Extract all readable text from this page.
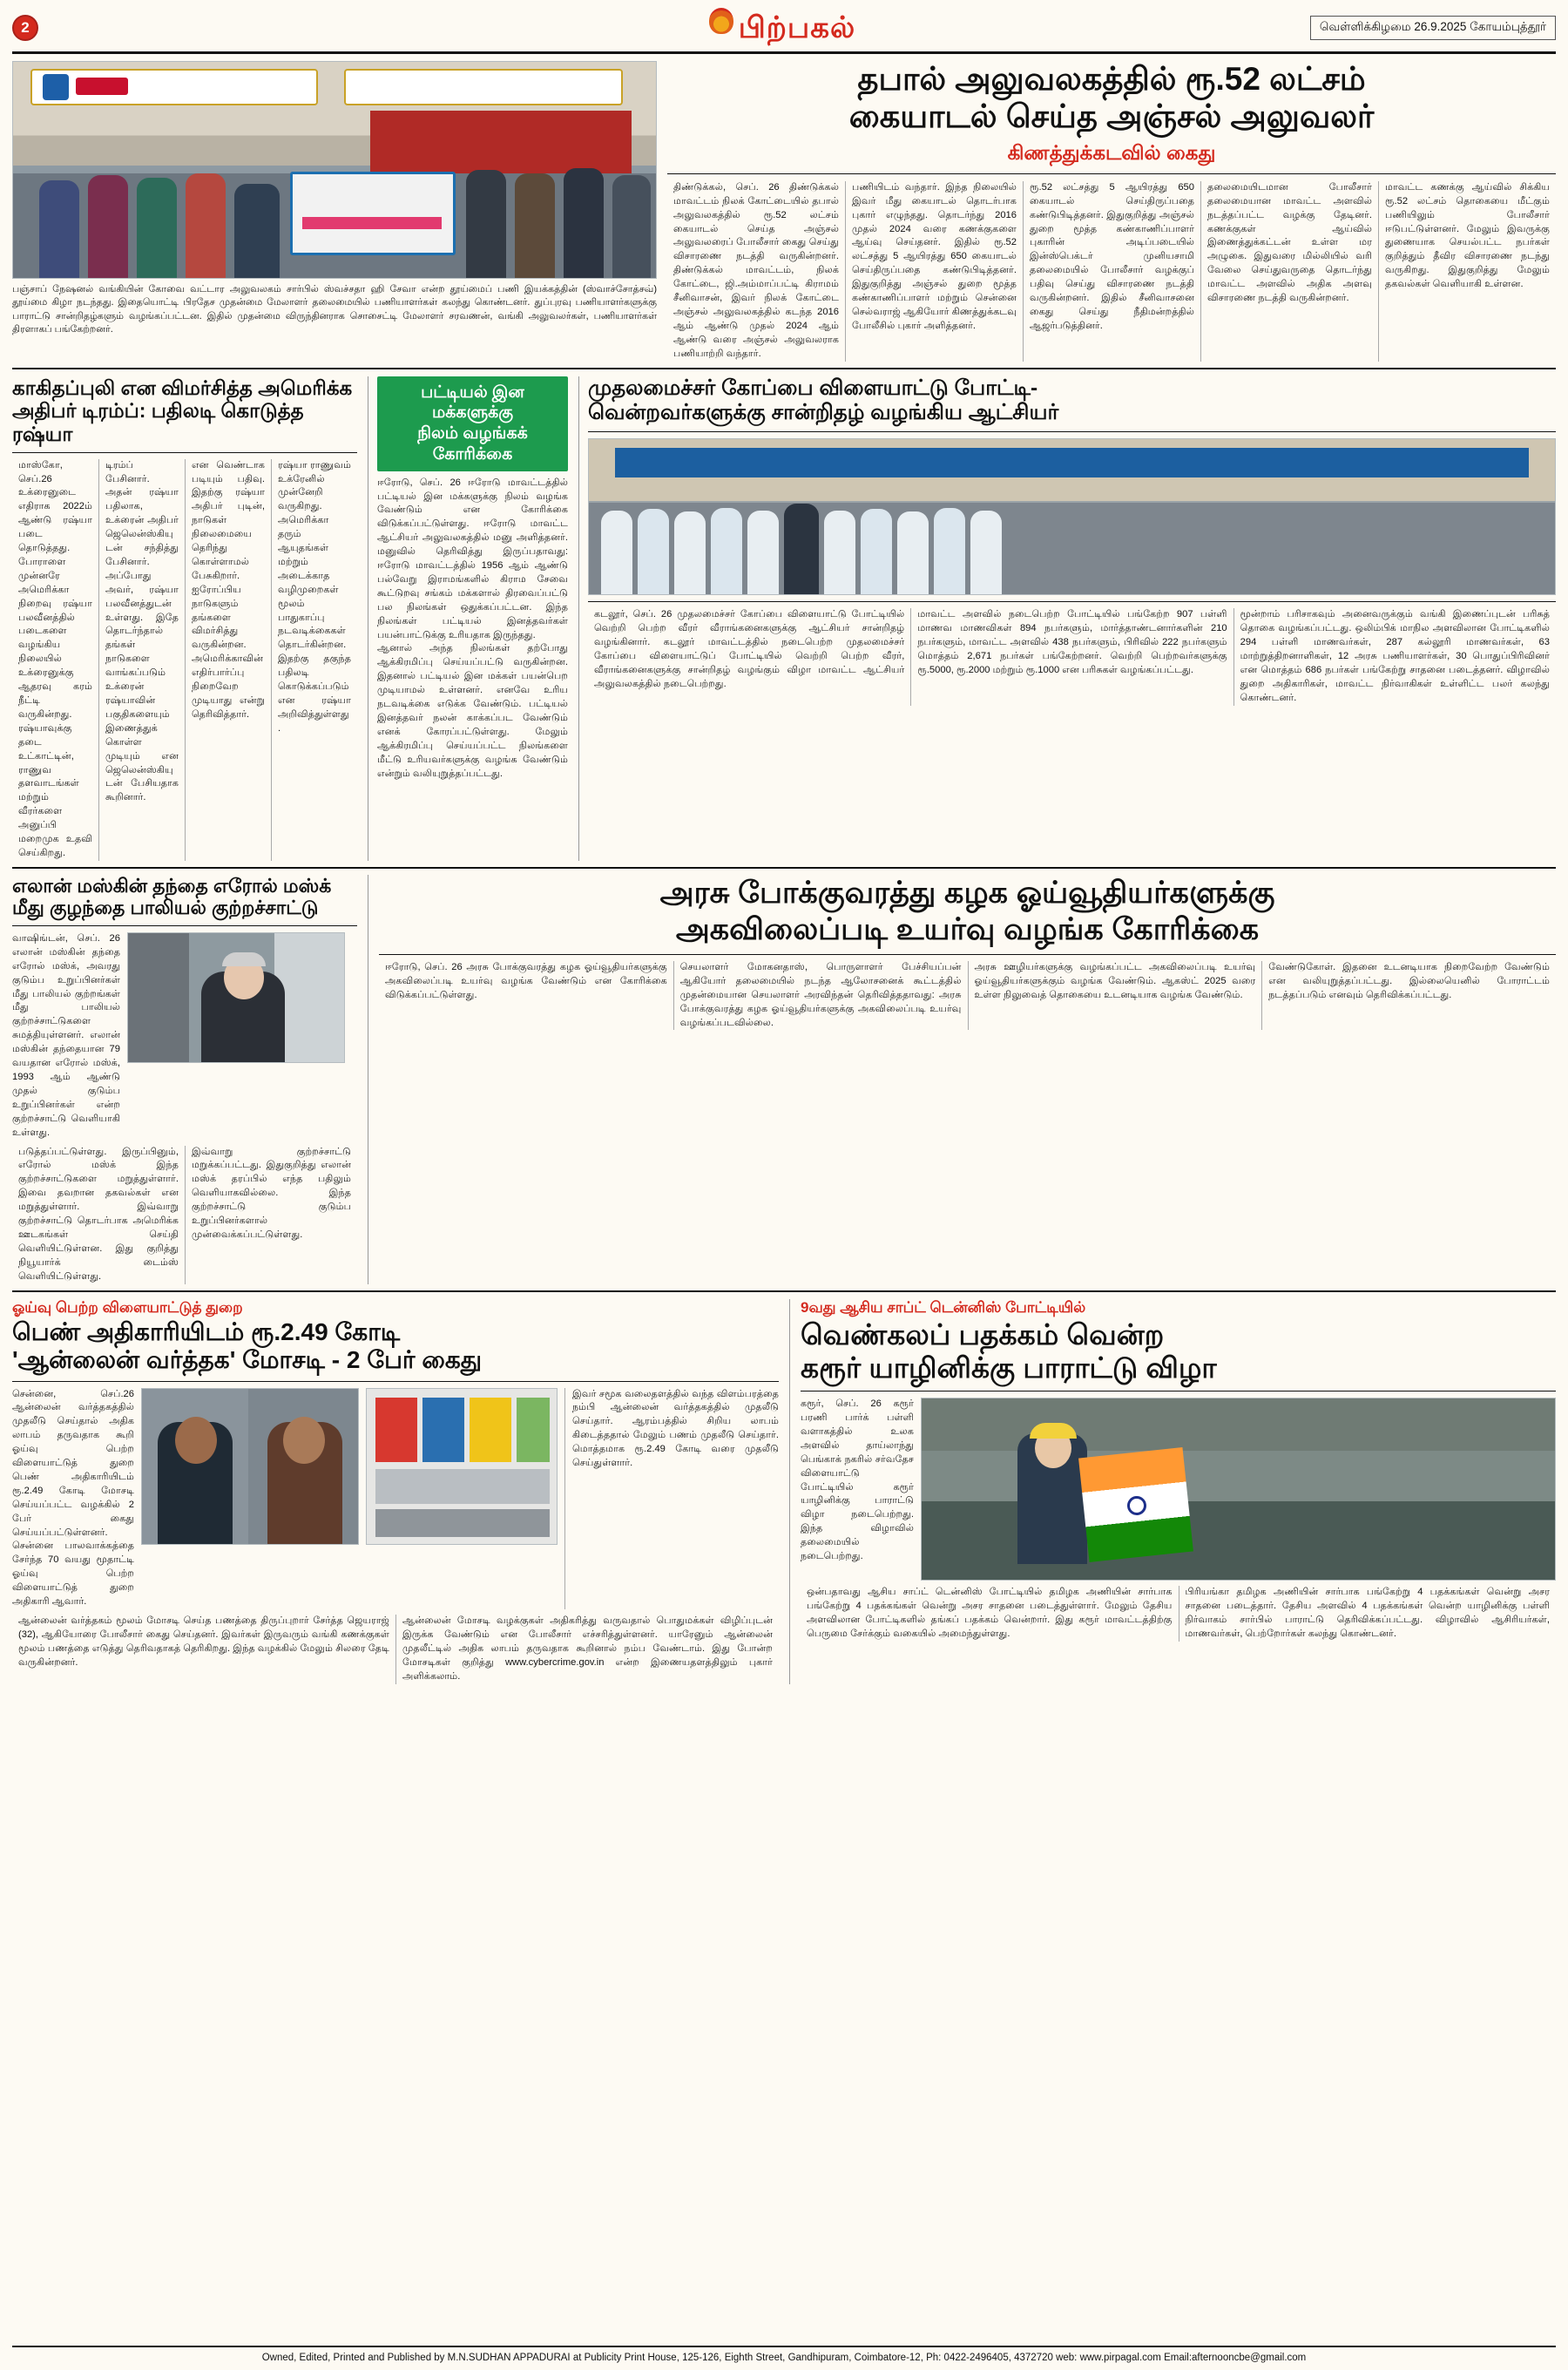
2	பிற்பகல்	வெள்ளிக்கிழமை 26.9.2025 கோயம்புத்தூர்
பஞ்சாப் நேஷனல் வங்கியின் கோவை வட்டார அலுவலகம் சார்பில் ஸ்வச்சதா ஹி சேவா என்ற தூய்மைப் பணி இயக்கத்தின் (ஸ்வாச்சோத்சவ்) தூய்மை கிழா நடந்தது. இதையொட்டி பிரதேச முதன்மை மேலாளர் தலைமையில் பணியாளர்கள் கலந்து கொண்டனர். துப்புரவு பணியாளர்களுக்கு பாராட்டு சான்றிதழ்களும் வழங்கப்பட்டன. இதில் முதன்மை விருந்தினராக சொசைட்டி மேலாளர் சரவணன், வங்கி அலுவலர்கள், பணியாளர்கள் திரளாகப் பங்கேற்றனர்.
தபால் அலுவலகத்தில் ரூ.52 லட்சம்
கையாடல் செய்த அஞ்சல் அலுவலர்
கிணத்துக்கடவில் கைது
திண்டுக்கல், செப். 26 திண்டுக்கல் மாவட்டம் நிலக் கோட்டையில் தபால் அலுவலகத்தில் ரூ.52 லட்சம் கையாடல் செய்த அஞ்சல் அலுவலரைப் போலீசார் கைது செய்து விசாரணை நடத்தி வருகின்றனர். திண்டுக்கல் மாவட்டம், நிலக் கோட்டை, ஜி.அம்மாப்பட்டி கிராமம் சீனிவாசன், இவர் நிலக் கோட்டை அஞ்சல் அலுவலகத்தில் கடந்த 2016 ஆம் ஆண்டு முதல் 2024 ஆம் ஆண்டு வரை அஞ்சல் அலுவலராக பணியாற்றி வந்தார்.
பணியிடம் வந்தார். இந்த நிலையில் இவர் மீது கையாடல் தொடர்பாக புகார் எழுந்தது. தொடர்ந்து 2016 முதல் 2024 வரை கணக்குகளை ஆய்வு செய்தனர். இதில் ரூ.52 லட்சத்து 5 ஆயிரத்து 650 கையாடல் செய்திருப்பதை கண்டுபிடித்தனர். இதுகுறித்து அஞ்சல் துறை மூத்த கண்காணிப்பாளர் மற்றும் சென்னை செல்வராஜ் ஆகியோர் கிணத்துக்கடவு போலீசில் புகார் அளித்தனர்.
ரூ.52 லட்சத்து 5 ஆயிரத்து 650 கையாடல் செய்திருப்பதை கண்டுபிடித்தனர். இதுகுறித்து அஞ்சல் துறை மூத்த கண்காணிப்பாளர் புகாரின் அடிப்படையில் இன்ஸ்பெக்டர் முனியசாமி தலைமையில் போலீசார் வழக்குப் பதிவு செய்து விசாரணை நடத்தி வருகின்றனர். இதில் சீனிவாசனை கைது செய்து நீதிமன்றத்தில் ஆஜர்படுத்தினர்.
தலைமையிடமான போலீசார் தலைமையான மாவட்ட அளவில் நடத்தப்பட்ட வழக்கு தேடினர். கணக்குகள் ஆய்வில் இணைத்துக்கட்டன் உள்ள மர அழுகை. இதுவரை மில்லியில் வரி வேலை செய்துவருதை தொடர்ந்து மாவட்ட அளவில் அதிக அளவு விசாரணை நடத்தி வருகின்றனர்.
மாவட்ட கணக்கு ஆய்வில் சிக்கிய ரூ.52 லட்சம் தொகையை மீட்கும் பணியிலும் போலீசார் ஈடுபட்டுள்ளனர். மேலும் இவருக்கு துணையாக செயல்பட்ட நபர்கள் குறித்தும் தீவிர விசாரணை நடந்து வருகிறது. இதுகுறித்து மேலும் தகவல்கள் வெளியாகி உள்ளன.
காகிதப்புலி என விமர்சித்த அமெரிக்க
அதிபர் டிரம்ப்: பதிலடி கொடுத்த ரஷ்யா
மாஸ்கோ, செப்.26 உக்ரைனுடை எதிராக 2022ம் ஆண்டு ரஷ்யா படை தொடுத்தது. போராளை முன்னரே அமெரிக்கா நிறைவு ரஷ்யா பலவீனத்தில் படைகளை வழங்கிய நிலையில் உக்ரைனுக்கு ஆதரவு கரம் நீட்டி வருகின்றது. ரஷ்யாவுக்கு தடை உட்காட்டின், ராணுவ தளவாடங்கள் மற்றும் வீரர்களை அனுப்பி மறைமுக உதவி செய்கிறது.
டிரம்ப் பேசினார். அதன் ரஷ்யா பதிலாக, உக்ரைன் அதிபர் ஜெலென்ஸ்கியுடன் சந்தித்து பேசினார். அப்போது அவர், ரஷ்யா பலவீனத்துடன் உள்ளது. இதே தொடர்ந்தால் தங்கள் நாடுகளை வாங்கப்படும் உக்ரைன் ரஷ்யாவின் பகுதிகளையும் இணைத்துக் கொள்ள முடியும் என ஜெலென்ஸ்கியுடன் பேசியதாக கூறினார்.
என வெண்டாக படியும் பதிவு. இதற்கு ரஷ்யா அதிபர் புடின், நாடுகள் நிலைமையை தெரிந்து கொள்ளாமல் பேசுகிறார். ஐரோப்பிய நாடுகளும் தங்களை விமர்சித்து வருகின்றன. அமெரிக்காவின் எதிர்பார்ப்பு நிறைவேற முடியாது என்று தெரிவித்தார்.
ரஷ்யா ராணுவம் உக்ரேனில் முன்னேறி வருகிறது. அமெரிக்கா தரும் ஆயுதங்கள் மற்றும் அடைக்காத வழிமுறைகள் மூலம் பாதுகாப்பு நடவடிக்கைகள் தொடர்கின்றன. இதற்கு தகுந்த பதிலடி கொடுக்கப்படும் என ரஷ்யா அறிவித்துள்ளது.
பட்டியல் இன மக்களுக்கு
நிலம் வழங்கக் கோரிக்கை
ஈரோடு, செப். 26 ஈரோடு மாவட்டத்தில் பட்டியல் இன மக்களுக்கு நிலம் வழங்க வேண்டும் என கோரிக்கை விடுக்கப்பட்டுள்ளது. ஈரோடு மாவட்ட ஆட்சியர் அலுவலகத்தில் மனு அளித்தனர். மனுவில் தெரிவித்து இருப்பதாவது: ஈரோடு மாவட்டத்தில் 1956 ஆம் ஆண்டு பல்வேறு இராமங்களில் கிராம சேவை கூட்டுறவு சங்கம் மக்களால் திரவைப்பட்டு பல நிலங்கள் ஒதுக்கப்பட்டன. இந்த நிலங்கள் பட்டியல் இனத்தவர்கள் பயன்பாட்டுக்கு உரியதாக இருந்தது.
ஆனால் அந்த நிலங்கள் தற்போது ஆக்கிரமிப்பு செய்யப்பட்டு வருகின்றன. இதனால் பட்டியல் இன மக்கள் பயன்பெற முடியாமல் உள்ளனர். எனவே உரிய நடவடிக்கை எடுக்க வேண்டும். பட்டியல் இனத்தவர் நலன் காக்கப்பட வேண்டும் எனக் கோரப்பட்டுள்ளது. மேலும் ஆக்கிரமிப்பு செய்யப்பட்ட நிலங்களை மீட்டு உரியவர்களுக்கு வழங்க வேண்டும் என்றும் வலியுறுத்தப்பட்டது.
முதலமைச்சர் கோப்பை விளையாட்டு போட்டி-
வென்றவர்களுக்கு சான்றிதழ் வழங்கிய ஆட்சியர்
கடலூர், செப். 26 முதலமைச்சர் கோப்பை விளையாட்டு போட்டியில் வெற்றி பெற்ற வீரர் வீராங்கனைகளுக்கு ஆட்சியர் சான்றிதழ் வழங்கினார். கடலூர் மாவட்டத்தில் நடைபெற்ற முதலமைச்சர் கோப்பை விளையாட்டுப் போட்டியில் வெற்றி பெற்ற வீரர், வீராங்கனைகளுக்கு சான்றிதழ் வழங்கும் விழா மாவட்ட ஆட்சியர் அலுவலகத்தில் நடைபெற்றது.
மாவட்ட அளவில் நடைபெற்ற போட்டியில் பங்கேற்ற 907 பள்ளி மாணவ மாணவிகள் 894 நபர்களும், மார்த்தாண்டனார்களின் 210 நபர்களும், மாவட்ட அளவில் 438 நபர்களும், பிரிவில் 222 நபர்களும் மொத்தம் 2,671 நபர்கள் பங்கேற்றனர். வெற்றி பெற்றவர்களுக்கு ரூ.5000, ரூ.2000 மற்றும் ரூ.1000 என பரிசுகள் வழங்கப்பட்டது.
மூன்றாம் பரிசாகவும் அனைவருக்கும் வங்கி இணைப்புடன் பரிசுத் தொகை வழங்கப்பட்டது. ஒலிம்பிக் மாநில அளவிலான போட்டிகளில் 294 பள்ளி மாணவர்கள், 287 கல்லூரி மாணவர்கள், 63 மாற்றுத்திறனாளிகள், 12 அரசு பணியாளர்கள், 30 பொதுப்பிரிவினர் என மொத்தம் 686 நபர்கள் பங்கேற்று சாதனை படைத்தனர். விழாவில் துறை அதிகாரிகள், மாவட்ட நிர்வாகிகள் உள்ளிட்ட பலர் கலந்து கொண்டனர்.
எலான் மஸ்கின் தந்தை எரோல் மஸ்க்
மீது குழந்தை பாலியல் குற்றச்சாட்டு
வாஷிங்டன், செப். 26 எலான் மஸ்கின் தந்தை எரோல் மஸ்க், அவரது குடும்ப உறுப்பினர்கள் மீது பாலியல் குற்றங்கள் மீது பாலியல் குற்றச்சாட்டுகளை சுமத்தியுள்ளனர். எலான் மஸ்கின் தந்தையான 79 வயதான எரோல் மஸ்க், 1993 ஆம் ஆண்டு முதல் குடும்ப உறுப்பினர்கள் என்ற குற்றச்சாட்டு வெளியாகி உள்ளது.
படுத்தப்பட்டுள்ளது. இருப்பினும், எரோல் மஸ்க் இந்த குற்றச்சாட்டுகளை மறுத்துள்ளார். இவை தவறான தகவல்கள் என மறுத்துள்ளார். இவ்வாறு குற்றச்சாட்டு தொடர்பாக அமெரிக்க ஊடகங்கள் செய்தி வெளியிட்டுள்ளன. இது குறித்து நியூயார்க் டைம்ஸ் வெளியிட்டுள்ளது.
இவ்வாறு குற்றச்சாட்டு மறுக்கப்பட்டது. இதுகுறித்து எலான் மஸ்க் தரப்பில் எந்த பதிலும் வெளியாகவில்லை. இந்த குற்றச்சாட்டு குடும்ப உறுப்பினர்களால் முன்வைக்கப்பட்டுள்ளது.
அரசு போக்குவரத்து கழக ஓய்வூதியர்களுக்கு
அகவிலைப்படி உயர்வு வழங்க கோரிக்கை
ஈரோடு, செப். 26 அரசு போக்குவரத்து கழக ஓய்வூதியர்களுக்கு அகவிலைப்படி உயர்வு வழங்க வேண்டும் என கோரிக்கை விடுக்கப்பட்டுள்ளது.
செயலாளர் மோகனதாஸ், பொருளாளர் பேச்சியப்பன் ஆகியோர் தலைமையில் நடந்த ஆலோசனைக் கூட்டத்தில் முதன்மையான செயலாளர் அரவிந்தன் தெரிவித்ததாவது: அரசு போக்குவரத்து கழக ஓய்வூதியர்களுக்கு அகவிலைப்படி உயர்வு வழங்கப்படவில்லை.
அரசு ஊழியர்களுக்கு வழங்கப்பட்ட அகவிலைப்படி உயர்வு ஓய்வூதியர்களுக்கும் வழங்க வேண்டும். ஆகஸ்ட் 2025 வரை உள்ள நிலுவைத் தொகையை உடனடியாக வழங்க வேண்டும்.
வேண்டுகோள். இதனை உடனடியாக நிறைவேற்ற வேண்டும் என வலியுறுத்தப்பட்டது. இல்லையெனில் போராட்டம் நடத்தப்படும் எனவும் தெரிவிக்கப்பட்டது.
ஓய்வு பெற்ற விளையாட்டுத் துறை
பெண் அதிகாரியிடம் ரூ.2.49 கோடி
'ஆன்லைன் வர்த்தக' மோசடி - 2 பேர் கைது
சென்னை, செப்.26 ஆன்லைன் வர்த்தகத்தில் முதலீடு செய்தால் அதிக லாபம் தருவதாக கூறி ஓய்வு பெற்ற விளையாட்டுத் துறை பெண் அதிகாரியிடம் ரூ.2.49 கோடி மோசடி செய்யப்பட்ட வழக்கில் 2 பேர் கைது செய்யப்பட்டுள்ளனர். சென்னை பாலவாக்கத்தை சேர்ந்த 70 வயது மூதாட்டி ஓய்வு பெற்ற விளையாட்டுத் துறை அதிகாரி ஆவார்.
இவர் சமூக வலைதளத்தில் வந்த விளம்பரத்தை நம்பி ஆன்லைன் வர்த்தகத்தில் முதலீடு செய்தார். ஆரம்பத்தில் சிறிய லாபம் கிடைத்ததால் மேலும் பணம் முதலீடு செய்தார். மொத்தமாக ரூ.2.49 கோடி வரை முதலீடு செய்துள்ளார்.
ஆன்லைன் வர்த்தகம் மூலம் மோசடி செய்த பணத்தை திருப்புறார் சேர்த்த ஜெயராஜ் (32), ஆகியோரை போலீசார் கைது செய்தனர். இவர்கள் இருவரும் வங்கி கணக்குகள் மூலம் பணத்தை எடுத்து தெரிவதாகத் தெரிகிறது. இந்த வழக்கில் மேலும் சிலரை தேடி வருகின்றனர்.
ஆன்லைன் மோசடி வழக்குகள் அதிகரித்து வருவதால் பொதுமக்கள் விழிப்புடன் இருக்க வேண்டும் என போலீசார் எச்சரித்துள்ளனர். யாரேனும் ஆன்லைன் முதலீட்டில் அதிக லாபம் தருவதாக கூறினால் நம்ப வேண்டாம். இது போன்ற மோசடிகள் குறித்து www.cybercrime.gov.in என்ற இணையதளத்திலும் புகார் அளிக்கலாம்.
9வது ஆசிய சாப்ட் டென்னிஸ் போட்டியில்
வெண்கலப் பதக்கம் வென்ற
கரூர் யாழினிக்கு பாராட்டு விழா
கரூர், செப். 26 கரூர் பரணி பார்க் பள்ளி வளாகத்தில் உலக அளவில் தாய்லாந்து பெங்காக் நகரில் சர்வதேச விளையாட்டு போட்டியில் கரூர் யாழினிக்கு பாராட்டு விழா நடைபெற்றது. இந்த விழாவில் தலைமையில் நடைபெற்றது.
ஒன்பதாவது ஆசிய சாப்ட் டென்னிஸ் போட்டியில் தமிழக அணியின் சார்பாக பங்கேற்று 4 பதக்கங்கள் வென்று அசர சாதனை படைத்துள்ளார். மேலும் தேசிய அளவிலான போட்டிகளில் தங்கப் பதக்கம் வென்றார். இது கரூர் மாவட்டத்திற்கு பெருமை சேர்க்கும் வகையில் அமைந்துள்ளது.
பிரியங்கா தமிழக அணியின் சார்பாக பங்கேற்று 4 பதக்கங்கள் வென்று அசர சாதனை படைத்தார். தேசிய அளவில் 4 பதக்கங்கள் வென்ற யாழினிக்கு பள்ளி நிர்வாகம் சார்பில் பாராட்டு தெரிவிக்கப்பட்டது. விழாவில் ஆசிரியர்கள், மாணவர்கள், பெற்றோர்கள் கலந்து கொண்டனர்.
Owned, Edited, Printed and Published by M.N.SUDHAN APPADURAI at Publicity Print House, 125-126, Eighth Street, Gandhipuram, Coimbatore-12, Ph: 0422-2496405, 4372720 web: www.pirpagal.com Email:afternooncbe@gmail.com
